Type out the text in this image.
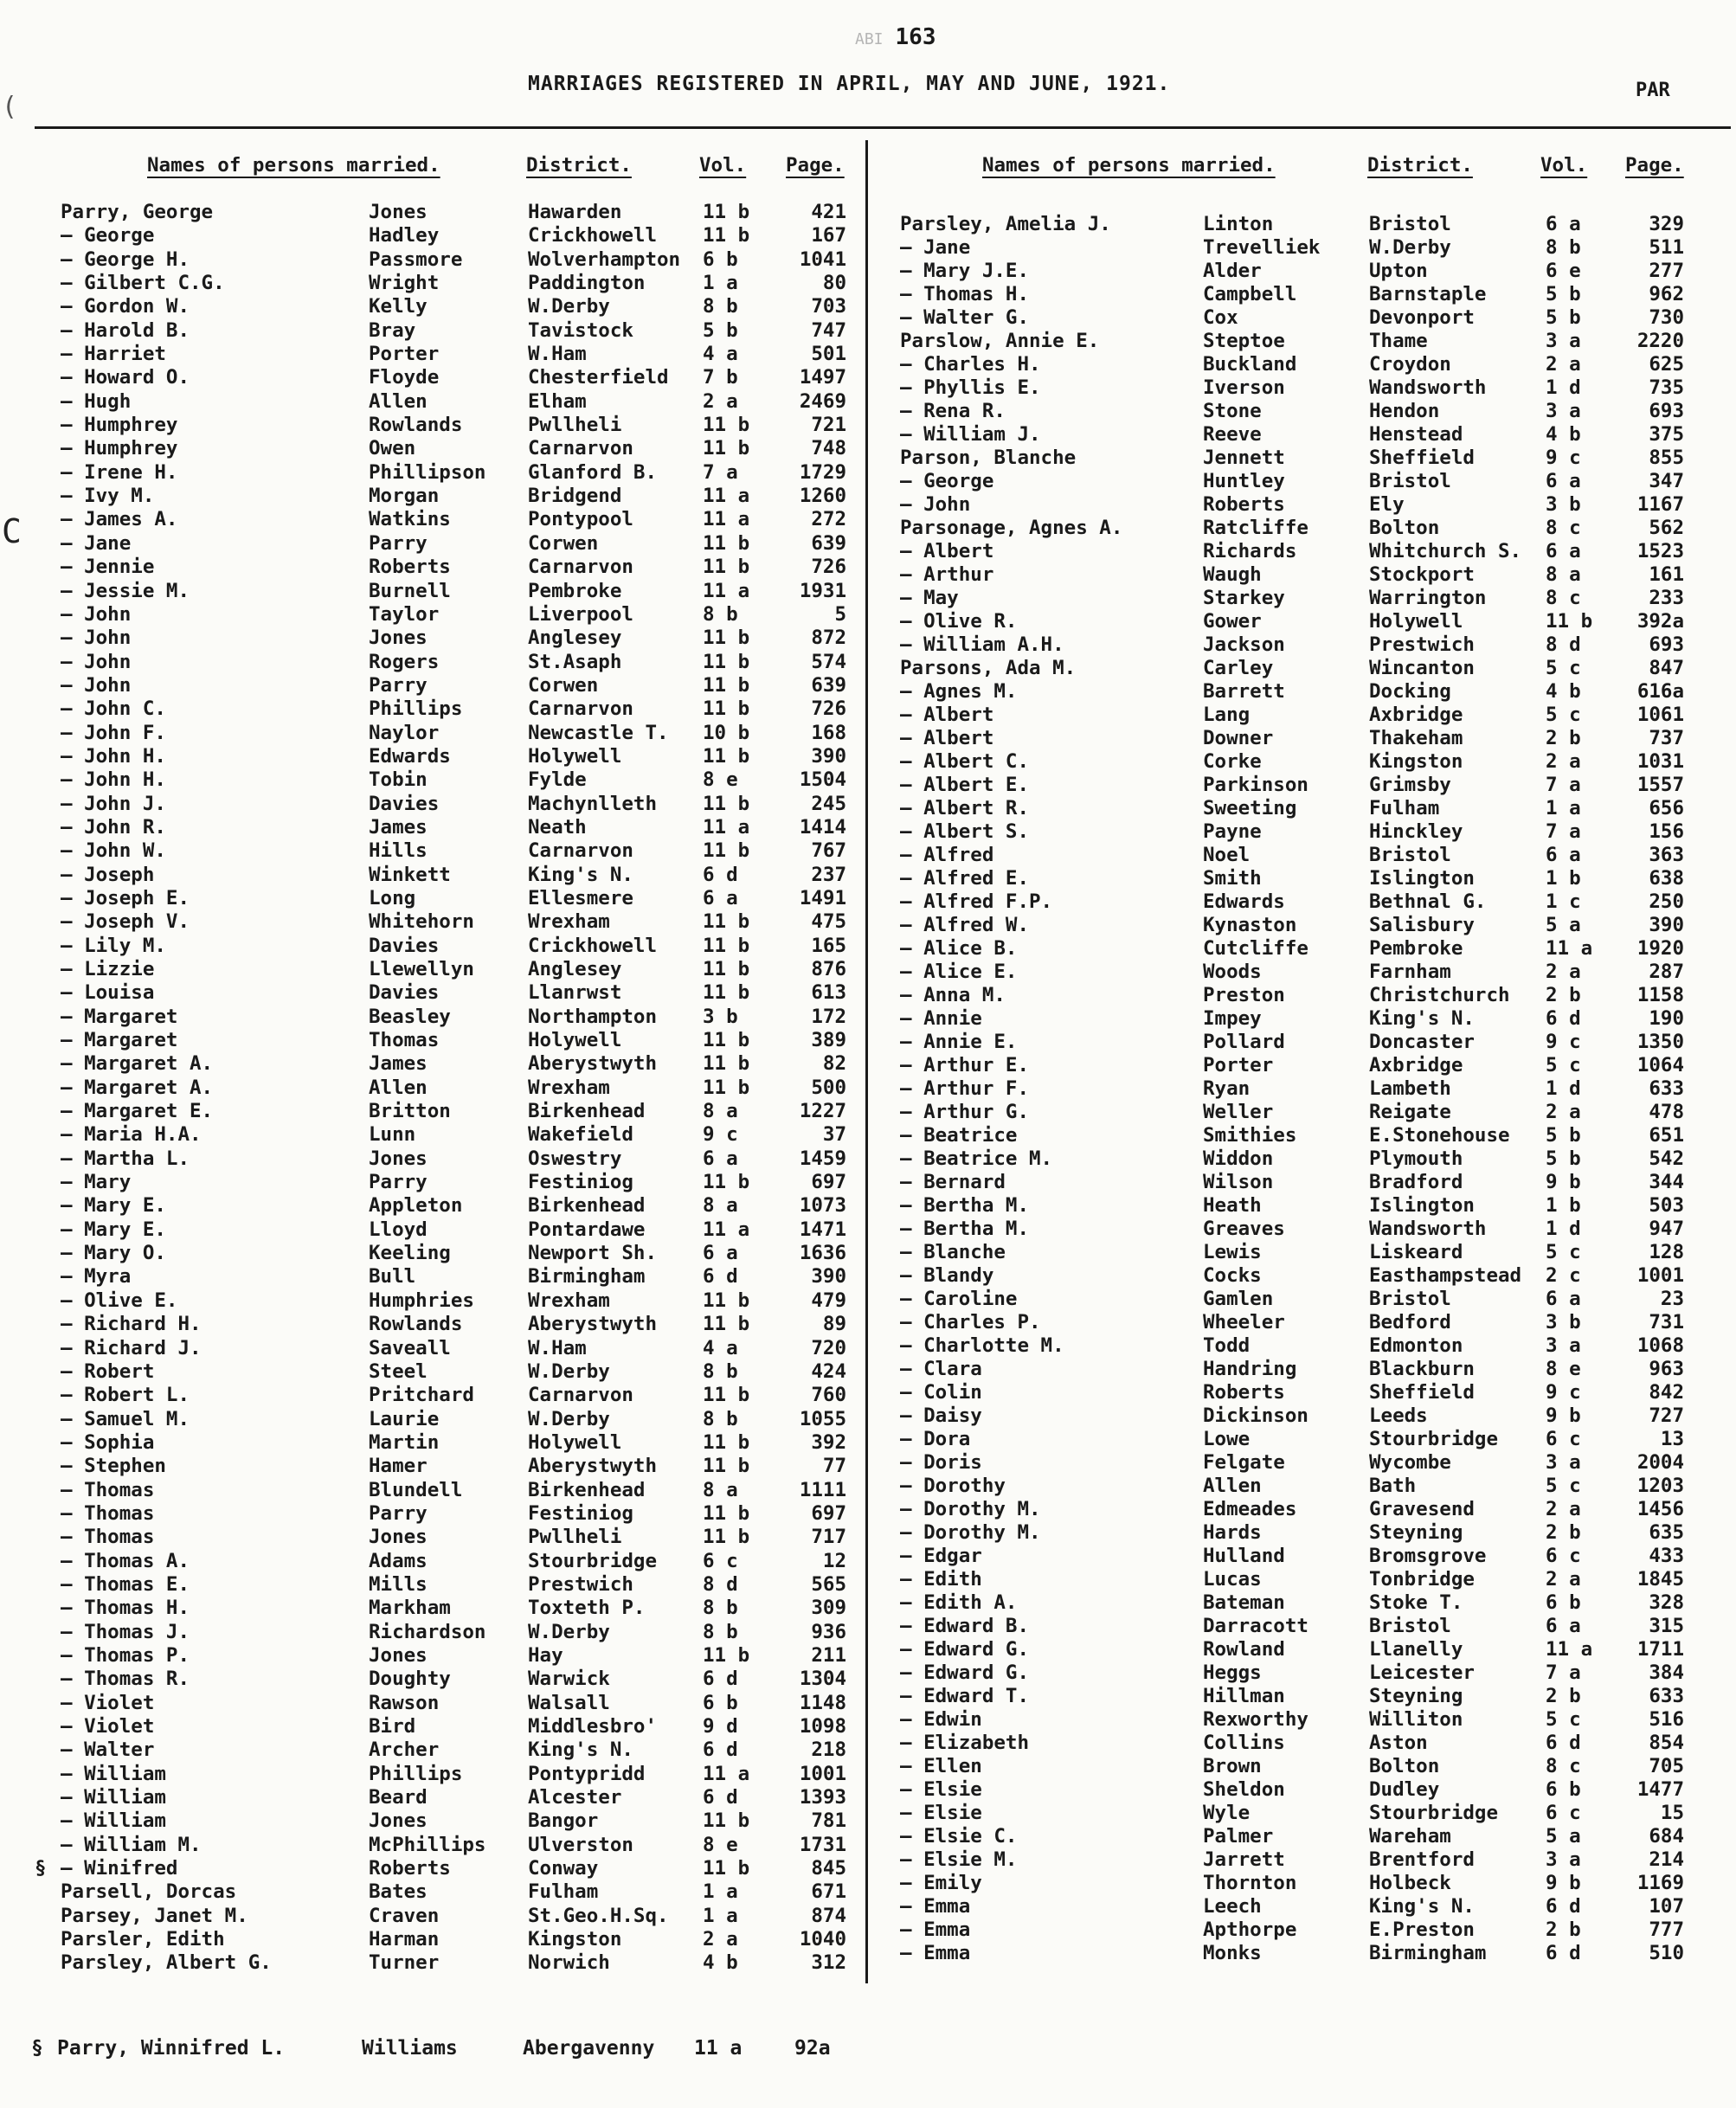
ABI 163
MARRIAGES REGISTERED IN APRIL, MAY AND JUNE, 1921.	PAR
(
C
Names of persons married.	District.	Vol. Page.
Parry, George	Jones	Hawarden	11 b	421
— George	Hadley	Crickhowell 11 b	167
— George H.	Passmore	Wolverhampton 6 b	1041
— Gilbert C.G.	Wright	Paddington	1 a	80
— Gordon W.	Kelly	W.Derby	8 b	703
— Harold B.	Bray	Tavistock	5 b	747
— Harriet	Porter	W.Ham	4 a	501
— Howard O.	Floyde	Chesterfield 7 b	1497
— Hugh	Allen	Elham	2 a	2469
— Humphrey	Rowlands	Pwllheli	11 b	721
— Humphrey	Owen	Carnarvon	11 b	748
— Irene H.	Phillipson Glanford B. 7 a	1729
— Ivy M.	Morgan	Bridgend	11 a	1260
— James A.	Watkins	Pontypool	11 a	272
— Jane	Parry	Corwen	11 b	639
— Jennie	Roberts	Carnarvon	11 b	726
— Jessie M.	Burnell	Pembroke	11 a	1931
— John	Taylor	Liverpool	8 b	5
— John	Jones	Anglesey	11 b	872
— John	Rogers	St.Asaph	11 b	574
— John	Parry	Corwen	11 b	639
— John C.	Phillips	Carnarvon	11 b	726
— John F.	Naylor	Newcastle T. 10 b	168
— John H.	Edwards	Holywell	11 b	390
— John H.	Tobin	Fylde	8 e	1504
— John J.	Davies	Machynlleth 11 b	245
— John R.	James	Neath	11 a	1414
— John W.	Hills	Carnarvon	11 b	767
— Joseph	Winkett	King's N.	6 d	237
— Joseph E.	Long	Ellesmere	6 a	1491
— Joseph V.	Whitehorn	Wrexham	11 b	475
— Lily M.	Davies	Crickhowell 11 b	165
— Lizzie	Llewellyn	Anglesey	11 b	876
— Louisa	Davies	Llanrwst	11 b	613
— Margaret	Beasley	Northampton 3 b	172
— Margaret	Thomas	Holywell	11 b	389
— Margaret A.	James	Aberystwyth 11 b	82
— Margaret A.	Allen	Wrexham	11 b	500
— Margaret E.	Britton	Birkenhead	8 a	1227
— Maria H.A.	Lunn	Wakefield	9 c	37
— Martha L.	Jones	Oswestry	6 a	1459
— Mary	Parry	Festiniog	11 b	697
— Mary E.	Appleton	Birkenhead	8 a	1073
— Mary E.	Lloyd	Pontardawe	11 a	1471
— Mary O.	Keeling	Newport Sh. 6 a	1636
— Myra	Bull	Birmingham	6 d	390
— Olive E.	Humphries	Wrexham	11 b	479
— Richard H.	Rowlands	Aberystwyth 11 b	89
— Richard J.	Saveall	W.Ham	4 a	720
— Robert	Steel	W.Derby	8 b	424
— Robert L.	Pritchard	Carnarvon	11 b	760
— Samuel M.	Laurie	W.Derby	8 b	1055
— Sophia	Martin	Holywell	11 b	392
— Stephen	Hamer	Aberystwyth 11 b	77
— Thomas	Blundell	Birkenhead	8 a	1111
— Thomas	Parry	Festiniog	11 b	697
— Thomas	Jones	Pwllheli	11 b	717
— Thomas A.	Adams	Stourbridge 6 c	12
— Thomas E.	Mills	Prestwich	8 d	565
— Thomas H.	Markham	Toxteth P.	8 b	309
— Thomas J.	Richardson W.Derby	8 b	936
— Thomas P.	Jones	Hay	11 b	211
— Thomas R.	Doughty	Warwick	6 d	1304
— Violet	Rawson	Walsall	6 b	1148
— Violet	Bird	Middlesbro' 9 d	1098
— Walter	Archer	King's N.	6 d	218
— William	Phillips	Pontypridd	11 a	1001
— William	Beard	Alcester	6 d	1393
— William	Jones	Bangor	11 b	781
— William M.	McPhillips Ulverston	8 e	1731
§ — Winifred	Roberts	Conway	11 b	845
Parsell, Dorcas	Bates	Fulham	1 a	671
Parsey, Janet M.	Craven	St.Geo.H.Sq. 1 a	874
Parsler, Edith	Harman	Kingston	2 a	1040
Parsley, Albert G.	Turner	Norwich	4 b	312
Names of persons married.	District.	Vol. Page.
Parsley, Amelia J.	Linton	Bristol	6 a	329
— Jane	Trevelliek	W.Derby	8 b	511
— Mary J.E.	Alder	Upton	6 e	277
— Thomas H.	Campbell	Barnstaple	5 b	962
— Walter G.	Cox	Devonport	5 b	730
Parslow, Annie E.	Steptoe	Thame	3 a	2220
— Charles H.	Buckland	Croydon	2 a	625
— Phyllis E.	Iverson	Wandsworth	1 d	735
— Rena R.	Stone	Hendon	3 a	693
— William J.	Reeve	Henstead	4 b	375
Parson, Blanche	Jennett	Sheffield	9 c	855
— George	Huntley	Bristol	6 a	347
— John	Roberts	Ely	3 b	1167
Parsonage, Agnes A.	Ratcliffe	Bolton	8 c	562
— Albert	Richards	Whitchurch S. 6 a	1523
— Arthur	Waugh	Stockport	8 a	161
— May	Starkey	Warrington	8 c	233
— Olive R.	Gower	Holywell	11 b	392a
— William A.H.	Jackson	Prestwich	8 d	693
Parsons, Ada M.	Carley	Wincanton	5 c	847
— Agnes M.	Barrett	Docking	4 b	616a
— Albert	Lang	Axbridge	5 c	1061
— Albert	Downer	Thakeham	2 b	737
— Albert C.	Corke	Kingston	2 a	1031
— Albert E.	Parkinson	Grimsby	7 a	1557
— Albert R.	Sweeting	Fulham	1 a	656
— Albert S.	Payne	Hinckley	7 a	156
— Alfred	Noel	Bristol	6 a	363
— Alfred E.	Smith	Islington	1 b	638
— Alfred F.P.	Edwards	Bethnal G.	1 c	250
— Alfred W.	Kynaston	Salisbury	5 a	390
— Alice B.	Cutcliffe	Pembroke	11 a	1920
— Alice E.	Woods	Farnham	2 a	287
— Anna M.	Preston	Christchurch 2 b	1158
— Annie	Impey	King's N.	6 d	190
— Annie E.	Pollard	Doncaster	9 c	1350
— Arthur E.	Porter	Axbridge	5 c	1064
— Arthur F.	Ryan	Lambeth	1 d	633
— Arthur G.	Weller	Reigate	2 a	478
— Beatrice	Smithies	E.Stonehouse 5 b	651
— Beatrice M.	Widdon	Plymouth	5 b	542
— Bernard	Wilson	Bradford	9 b	344
— Bertha M.	Heath	Islington	1 b	503
— Bertha M.	Greaves	Wandsworth	1 d	947
— Blanche	Lewis	Liskeard	5 c	128
— Blandy	Cocks	Easthampstead 2 c	1001
— Caroline	Gamlen	Bristol	6 a	23
— Charles P.	Wheeler	Bedford	3 b	731
— Charlotte M.	Todd	Edmonton	3 a	1068
— Clara	Handring	Blackburn	8 e	963
— Colin	Roberts	Sheffield	9 c	842
— Daisy	Dickinson	Leeds	9 b	727
— Dora	Lowe	Stourbridge 6 c	13
— Doris	Felgate	Wycombe	3 a	2004
— Dorothy	Allen	Bath	5 c	1203
— Dorothy M.	Edmeades	Gravesend	2 a	1456
— Dorothy M.	Hards	Steyning	2 b	635
— Edgar	Hulland	Bromsgrove	6 c	433
— Edith	Lucas	Tonbridge	2 a	1845
— Edith A.	Bateman	Stoke T.	6 b	328
— Edward B.	Darracott	Bristol	6 a	315
— Edward G.	Rowland	Llanelly	11 a	1711
— Edward G.	Heggs	Leicester	7 a	384
— Edward T.	Hillman	Steyning	2 b	633
— Edwin	Rexworthy	Williton	5 c	516
— Elizabeth	Collins	Aston	6 d	854
— Ellen	Brown	Bolton	8 c	705
— Elsie	Sheldon	Dudley	6 b	1477
— Elsie	Wyle	Stourbridge 6 c	15
— Elsie C.	Palmer	Wareham	5 a	684
— Elsie M.	Jarrett	Brentford	3 a	214
— Emily	Thornton	Holbeck	9 b	1169
— Emma	Leech	King's N.	6 d	107
— Emma	Apthorpe	E.Preston	2 b	777
— Emma	Monks	Birmingham	6 d	510
§ Parry, Winnifred L.	Williams	Abergavenny 11 a	92a
